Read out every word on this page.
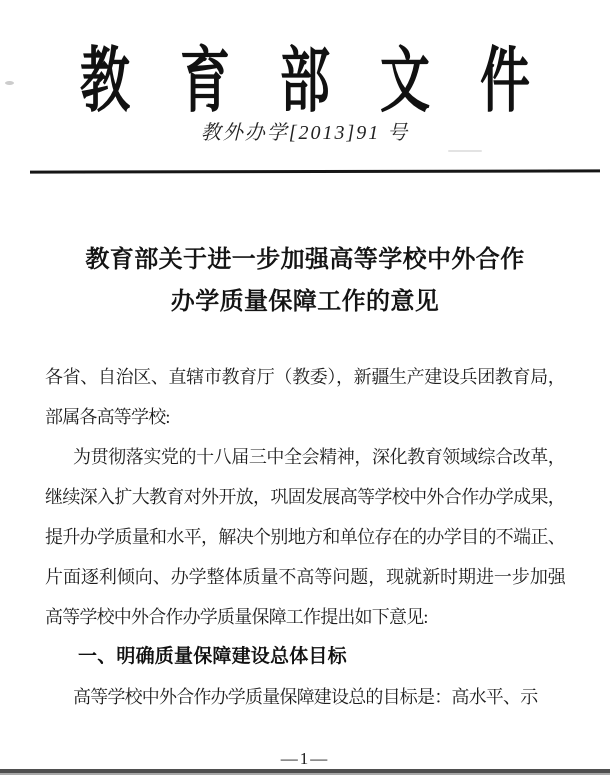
教育部文件
教外办学[2013]91 号
教育部关于进一步加强高等学校中外合作
办学质量保障工作的意见
各省、自治区、直辖市教育厅（教委），新疆生产建设兵团教育局，
部属各高等学校:
为贯彻落实党的十八届三中全会精神，深化教育领域综合改革，
继续深入扩大教育对外开放，巩固发展高等学校中外合作办学成果，
提升办学质量和水平，解决个别地方和单位存在的办学目的不端正、
片面逐利倾向、办学整体质量不高等问题，现就新时期进一步加强
高等学校中外合作办学质量保障工作提出如下意见:
一、明确质量保障建设总体目标
高等学校中外合作办学质量保障建设总的目标是：高水平、示
—1—
